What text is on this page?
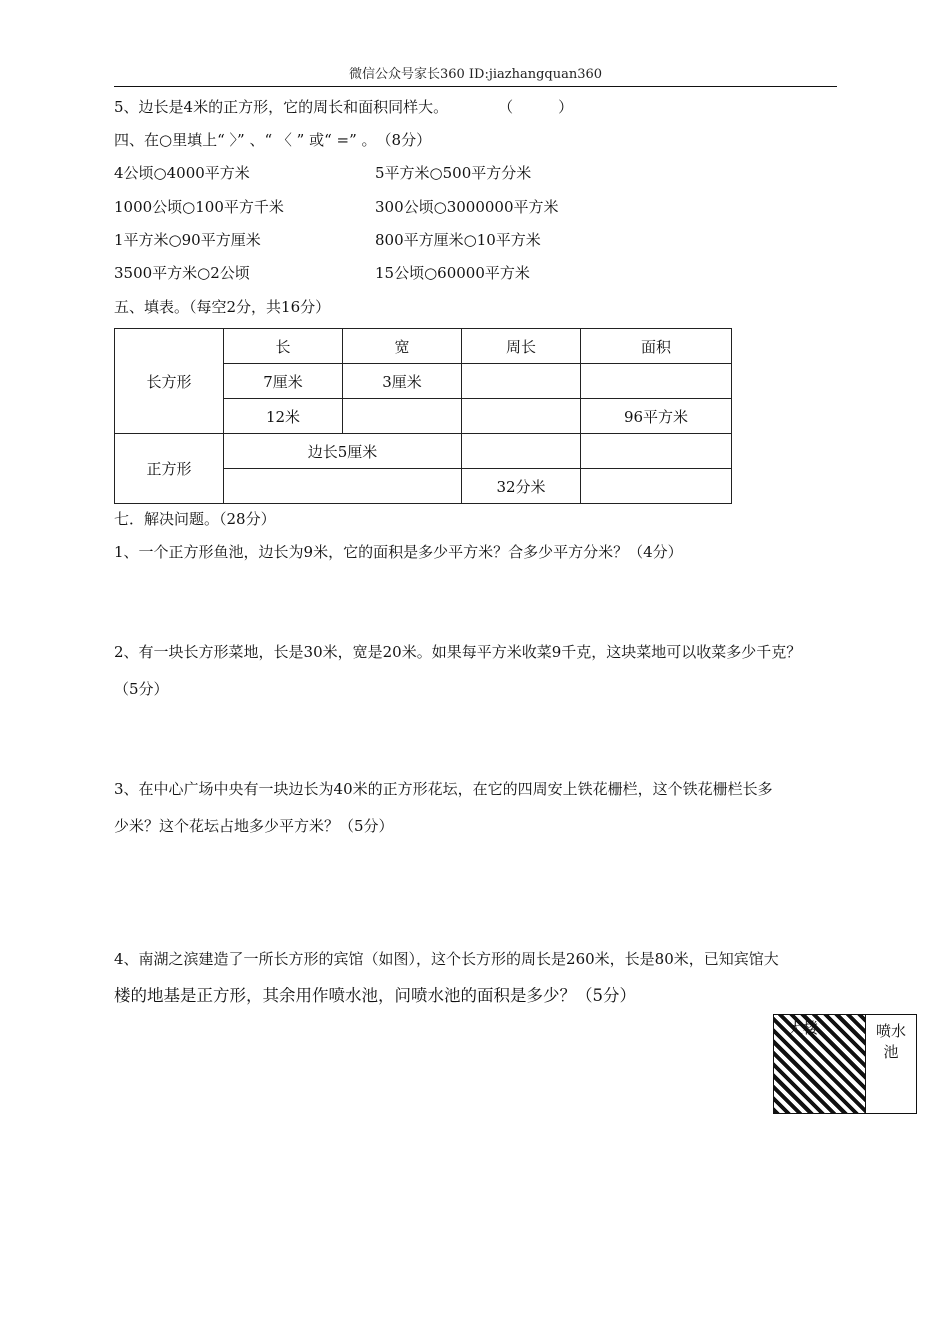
微信公众号家长360 ID:jiazhangquan360
5、边长是4米的正方形，它的周长和面积同样大。	（　　　）
四、在○里填上“ 〉” 、“ 〈 ” 或“ =” 。　（8分）
4公顷○4000平方米	5平方米○500平方分米
1000公顷○100平方千米	300公顷○3000000平方米
1平方米○90平方厘米	800平方厘米○10平方米
3500平方米○2公顷	15公顷○60000平方米
五、填表。（每空2分，共16分）
长方形	长	宽	周长	面积
	7厘米	3厘米		
	12米			96平方米
正方形	边长5厘米			
			32分米	
七．解决问题。（28分）
1、一个正方形鱼池，边长为9米，它的面积是多少平方米？合多少平方分米？（4分）
2、有一块长方形菜地，长是30米，宽是20米。如果每平方米收菜9千克，这块菜地可以收菜多少千克？
（5分）
3、在中心广场中央有一块边长为40米的正方形花坛，在它的四周安上铁花栅栏，这个铁花栅栏长多
少米？这个花坛占地多少平方米？（5分）
4、南湖之滨建造了一所长方形的宾馆（如图），这个长方形的周长是260米，长是80米，已知宾馆大
楼的地基是正方形，其余用作喷水池，问喷水池的面积是多少？（5分）
大楼	喷水
池
